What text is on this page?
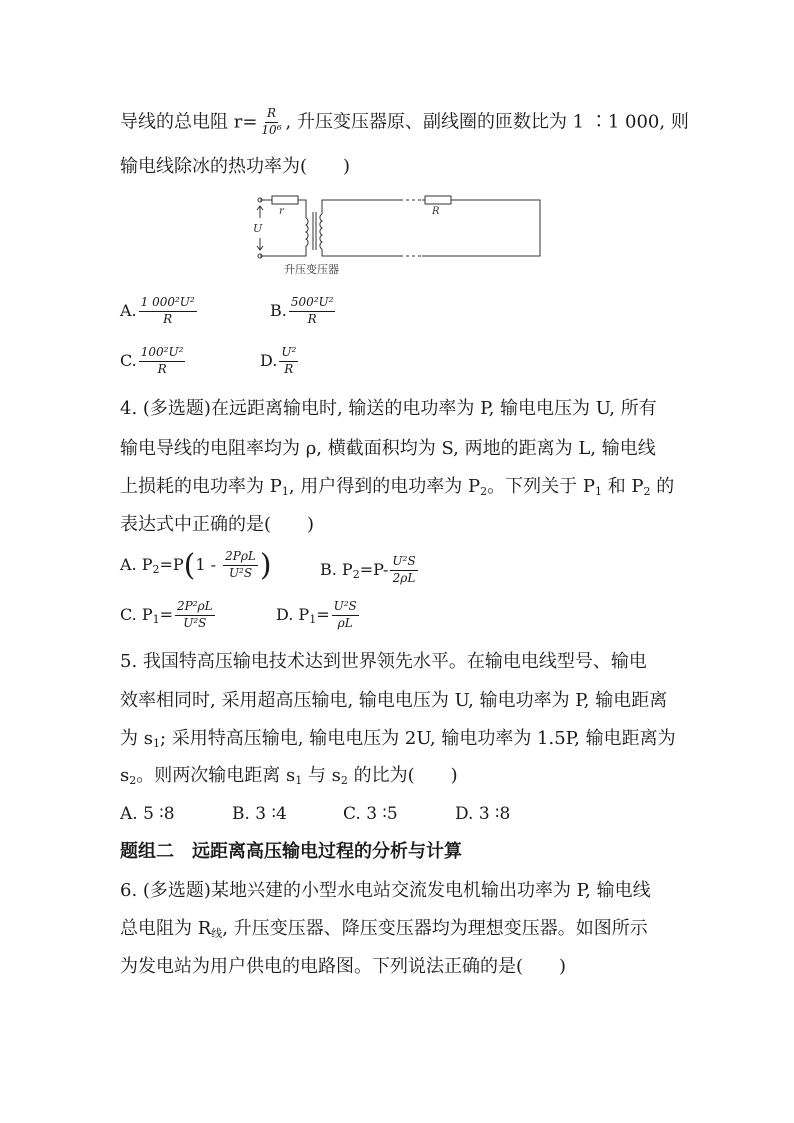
导线的总电阻 $r= \frac{R}{\text{10⁶}}$ , 升压变压器原、副线圈的匝数比为 1 ∶1 000, 则
输电线除冰的热功率为(　　)
r	R
U
升压变压器
A. $\frac{\text{1 000²U²}}{R}$	B. $\frac{\text{500²U²}}{R}$
C. $\frac{\text{100²U²}}{R}$	D. $\frac{\text{U²}}{R}$
4. (多选题)在远距离输电时, 输送的电功率为 P, 输电电压为 U, 所有
输电导线的电阻率均为 ρ, 横截面积均为 S, 两地的距离为 L, 输电线
上损耗的电功率为 $P_1$, 用户得到的电功率为 $P_2$。下列关于 $P_1$ 和 $P_2$ 的
表达式中正确的是(　　)
A. $P_2=P(1 - \frac{\text{2PρL}}{\text{U²S}}$ )	B. $P_2=P- \frac{\text{U²S}}{2\rho L}$
C. $P_1= \frac{\text{2P²ρL}}{\text{U²S}}$	D. $P_1= \frac{\text{U²S}}{\rho L}$
5. 我国特高压输电技术达到世界领先水平。在输电电线型号、输电
效率相同时, 采用超高压输电, 输电电压为 U, 输电功率为 P, 输电距离
为 $s_1$; 采用特高压输电, 输电电压为 2U, 输电功率为 1.5P, 输电距离为
$s_2$。则两次输电距离 $s_1$ 与 $s_2$ 的比为(　　)
A. 5 ∶8	B. 3 ∶4	C. 3 ∶5	D. 3 ∶8
题组二　远距离高压输电过程的分析与计算
6. (多选题)某地兴建的小型水电站交流发电机输出功率为 P, 输电线
总电阻为 $R_线$, 升压变压器、降压变压器均为理想变压器。如图所示
为发电站为用户供电的电路图。下列说法正确的是(　　)
